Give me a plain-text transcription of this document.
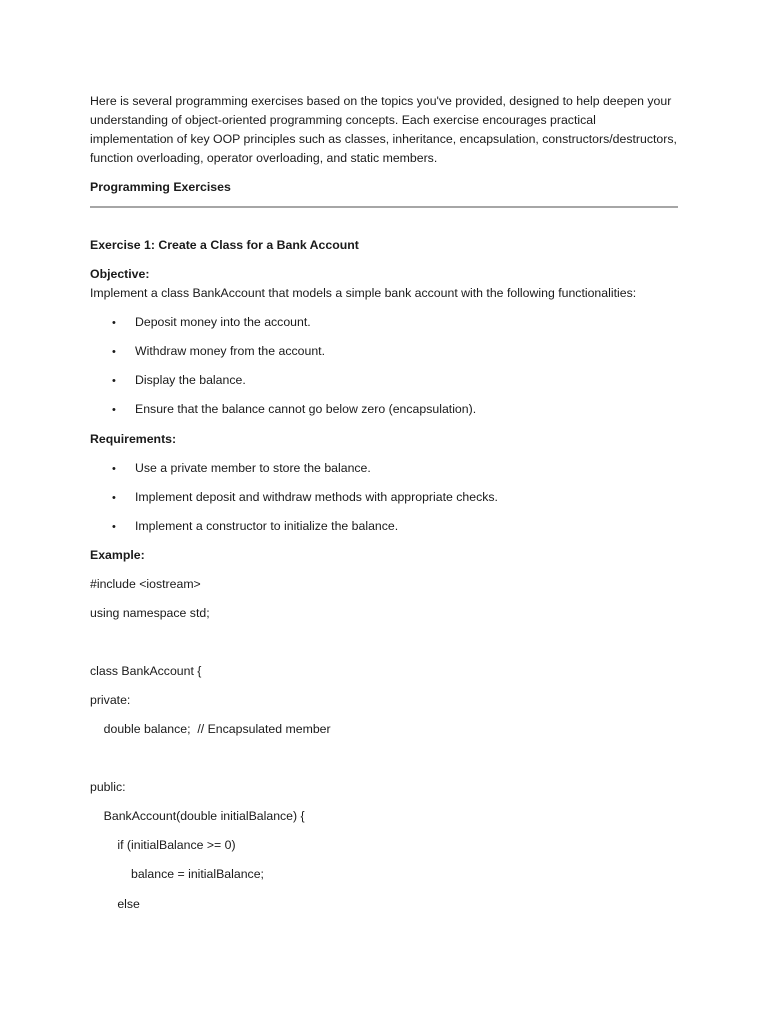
Here is several programming exercises based on the topics you've provided, designed to help deepen your understanding of object-oriented programming concepts. Each exercise encourages practical implementation of key OOP principles such as classes, inheritance, encapsulation, constructors/destructors, function overloading, operator overloading, and static members.

Programming Exercises

Exercise 1: Create a Class for a Bank Account

Objective:

Implement a class BankAccount that models a simple bank account with the following functionalities:

• Deposit money into the account.

• Withdraw money from the account.

• Display the balance.

• Ensure that the balance cannot go below zero (encapsulation).

Requirements:

• Use a private member to store the balance.

• Implement deposit and withdraw methods with appropriate checks.

• Implement a constructor to initialize the balance.

Example:

#include <iostream>

using namespace std;

class BankAccount {

private:

double balance;  // Encapsulated member

public:

BankAccount(double initialBalance) {

if (initialBalance >= 0)

balance = initialBalance;

else
